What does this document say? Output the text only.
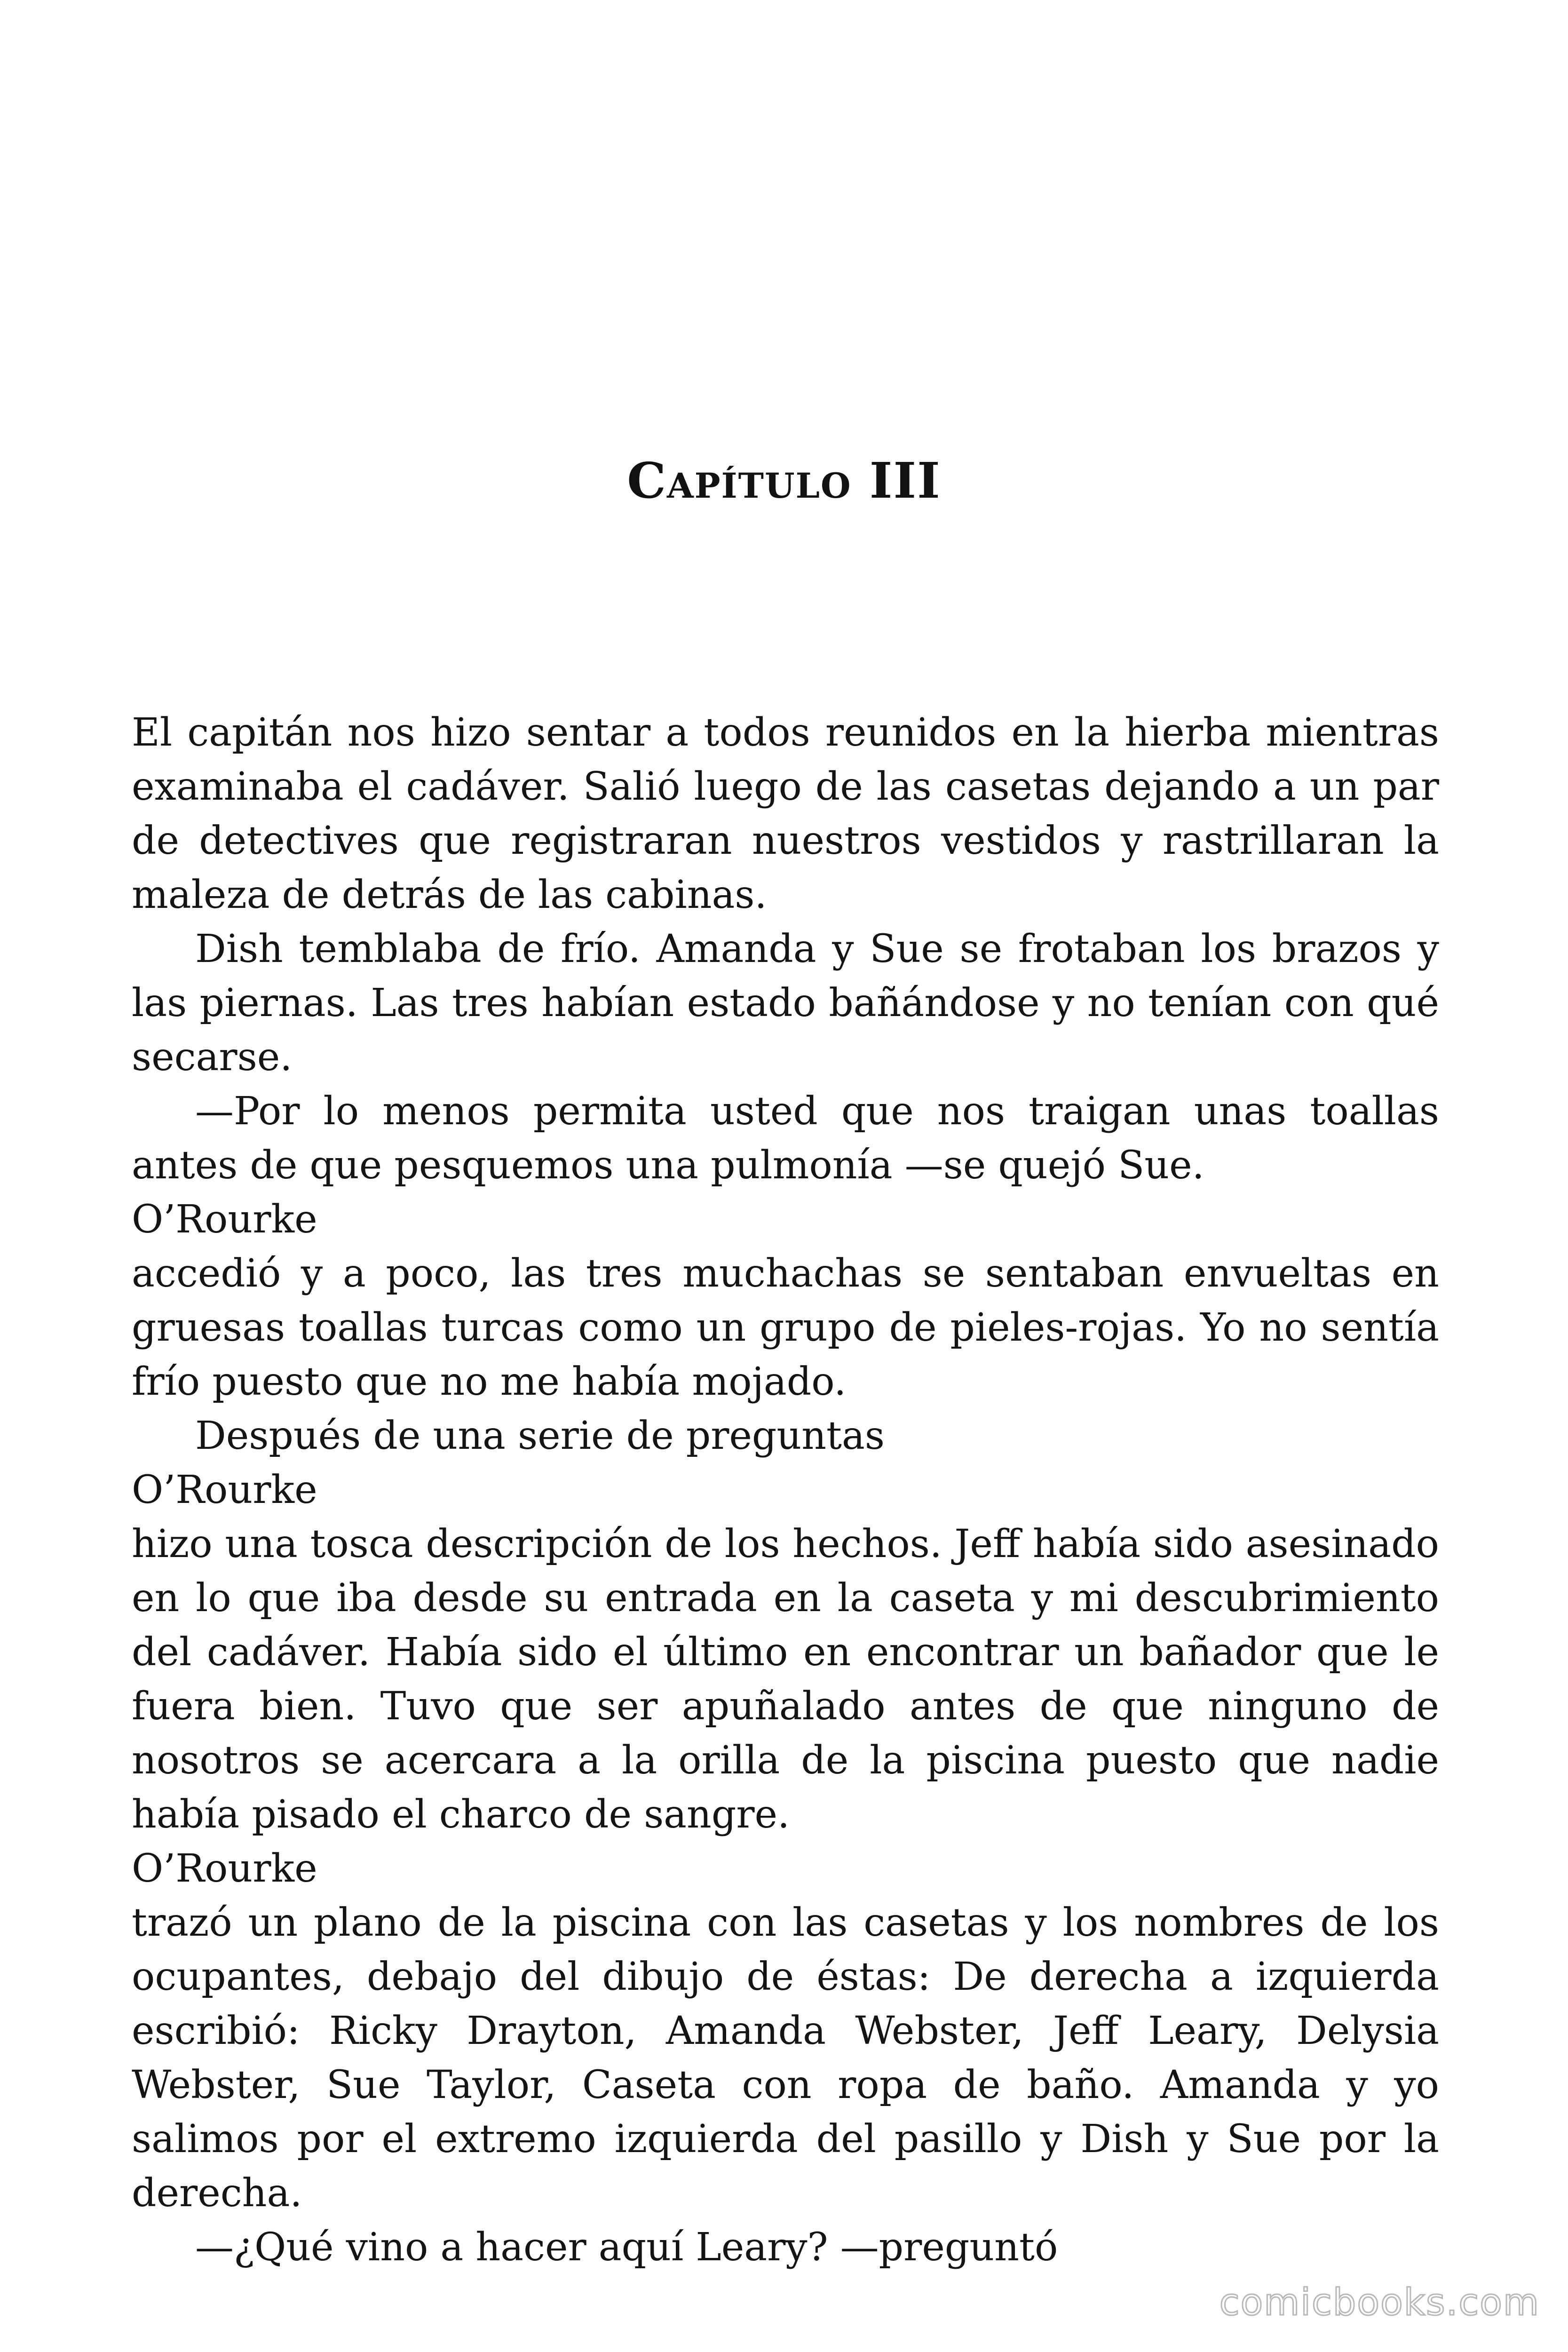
Capítulo III

El capitán nos hizo sentar a todos reunidos en la hierba mientras examinaba el cadáver. Salió luego de las casetas dejando a un par de detectives que registraran nuestros vestidos y rastrillaran la maleza de detrás de las cabinas.

Dish temblaba de frío. Amanda y Sue se frotaban los brazos y las piernas. Las tres habían estado bañándose y no tenían con qué secarse.

—Por lo menos permita usted que nos traigan unas toallas antes de que pesquemos una pulmonía —se quejó Sue.

O’Rourke

accedió y a poco, las tres muchachas se sentaban envueltas en gruesas toallas turcas como un grupo de pieles-rojas. Yo no sentía frío puesto que no me había mojado.

Después de una serie de preguntas

O’Rourke

hizo una tosca descripción de los hechos. Jeff había sido asesinado en lo que iba desde su entrada en la caseta y mi descubrimiento del cadáver. Había sido el último en encontrar un bañador que le fuera bien. Tuvo que ser apuñalado antes de que ninguno de nosotros se acercara a la orilla de la piscina puesto que nadie había pisado el charco de sangre.

O’Rourke

trazó un plano de la piscina con las casetas y los nombres de los ocupantes, debajo del dibujo de éstas: De derecha a izquierda escribió: Ricky Drayton, Amanda Webster, Jeff Leary, Delysia Webster, Sue Taylor, Caseta con ropa de baño. Amanda y yo salimos por el extremo izquierda del pasillo y Dish y Sue por la derecha.

—¿Qué vino a hacer aquí Leary? —preguntó

comicbooks.com
